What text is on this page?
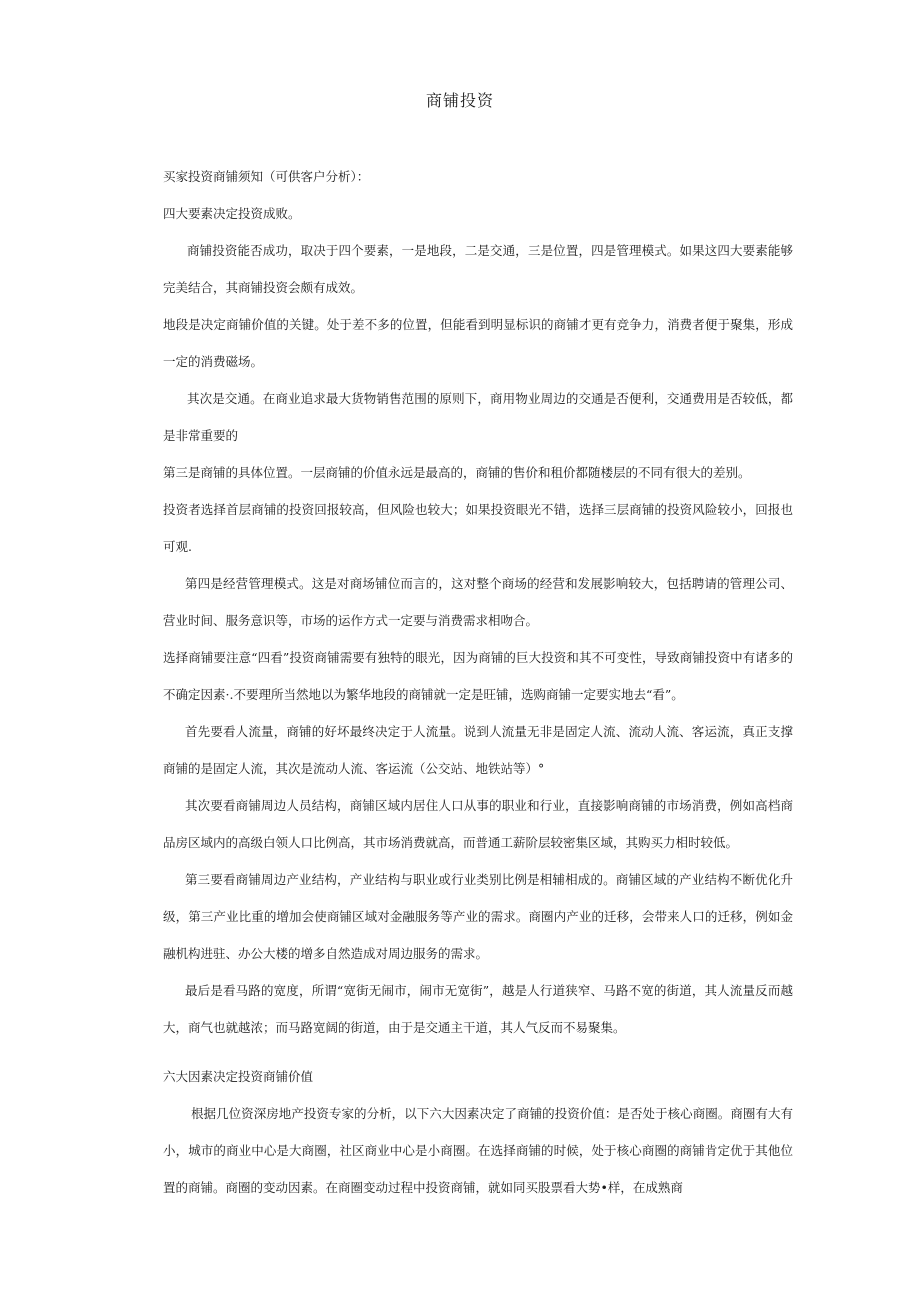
商铺投资

买家投资商铺须知（可供客户分析）：

四大要素决定投资成败。

商铺投资能否成功，取决于四个要素，一是地段，二是交通，三是位置，四是管理模式。如果这四大要素能够完美结合，其商铺投资会颇有成效。

地段是决定商铺价值的关键。处于差不多的位置，但能看到明显标识的商铺才更有竞争力，消费者便于聚集，形成一定的消费磁场。

其次是交通。在商业追求最大货物销售范围的原则下，商用物业周边的交通是否便利，交通费用是否较低，都是非常重要的

第三是商铺的具体位置。一层商铺的价值永远是最高的，商铺的售价和租价都随楼层的不同有很大的差别。

投资者选择首层商铺的投资回报较高，但风险也较大；如果投资眼光不错，选择三层商铺的投资风险较小，回报也可观.

第四是经营管理模式。这是对商场铺位而言的，这对整个商场的经营和发展影响较大，包括聘请的管理公司、营业时间、服务意识等，市场的运作方式一定要与消费需求相吻合。

选择商铺要注意“四看”投资商铺需要有独特的眼光，因为商铺的巨大投资和其不可变性，导致商铺投资中有诸多的不确定因素·.不要理所当然地以为繁华地段的商铺就一定是旺铺，选购商铺一定要实地去“看”。

首先要看人流量，商铺的好坏最终决定于人流量。说到人流量无非是固定人流、流动人流、客运流，真正支撑商铺的是固定人流，其次是流动人流、客运流（公交站、地铁站等）°

其次要看商铺周边人员结构，商铺区域内居住人口从事的职业和行业，直接影响商铺的市场消费，例如高档商品房区域内的高级白领人口比例高，其市场消费就高，而普通工薪阶层较密集区域，其购买力相时较低。

第三要看商铺周边产业结构，产业结构与职业或行业类别比例是相辅相成的。商铺区域的产业结构不断优化升级，第三产业比重的增加会使商铺区域对金融服务等产业的需求。商圈内产业的迁移，会带来人口的迁移，例如金融机构进驻、办公大楼的增多自然造成对周边服务的需求。

最后是看马路的宽度，所谓“宽街无闹市，闹市无宽街”，越是人行道狭窄、马路不宽的街道，其人流量反而越大，商气也就越浓；而马路宽阔的街道，由于是交通主干道，其人气反而不易聚集。

六大因素决定投资商铺价值

根据几位资深房地产投资专家的分析，以下六大因素决定了商铺的投资价值：是否处于核心商圈。商圈有大有小，城市的商业中心是大商圈，社区商业中心是小商圈。在选择商铺的时候，处于核心商圈的商铺肯定优于其他位置的商铺。商圈的变动因素。在商圈变动过程中投资商铺，就如同买股票看大势•样，在成熟商
